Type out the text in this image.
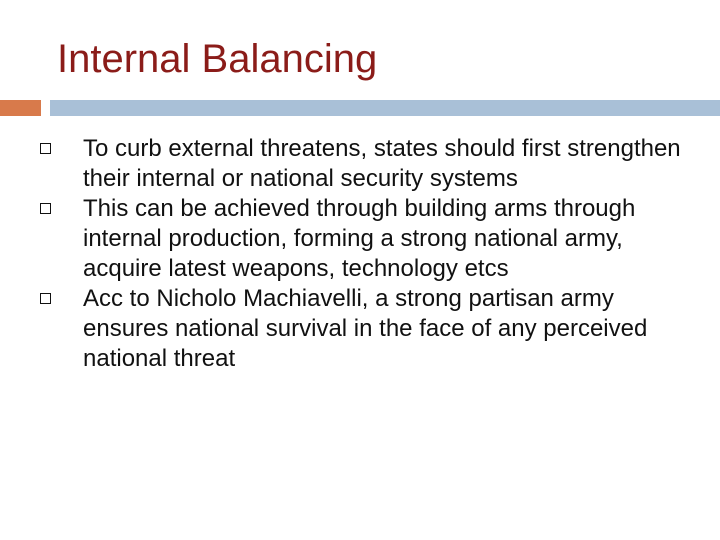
Internal Balancing
To curb external threatens, states should first strengthen their internal or national security systems
This can be achieved through building arms through internal production, forming a strong national army, acquire latest weapons, technology etcs
Acc to Nicholo Machiavelli, a strong partisan army ensures national survival in the face of any perceived national threat
